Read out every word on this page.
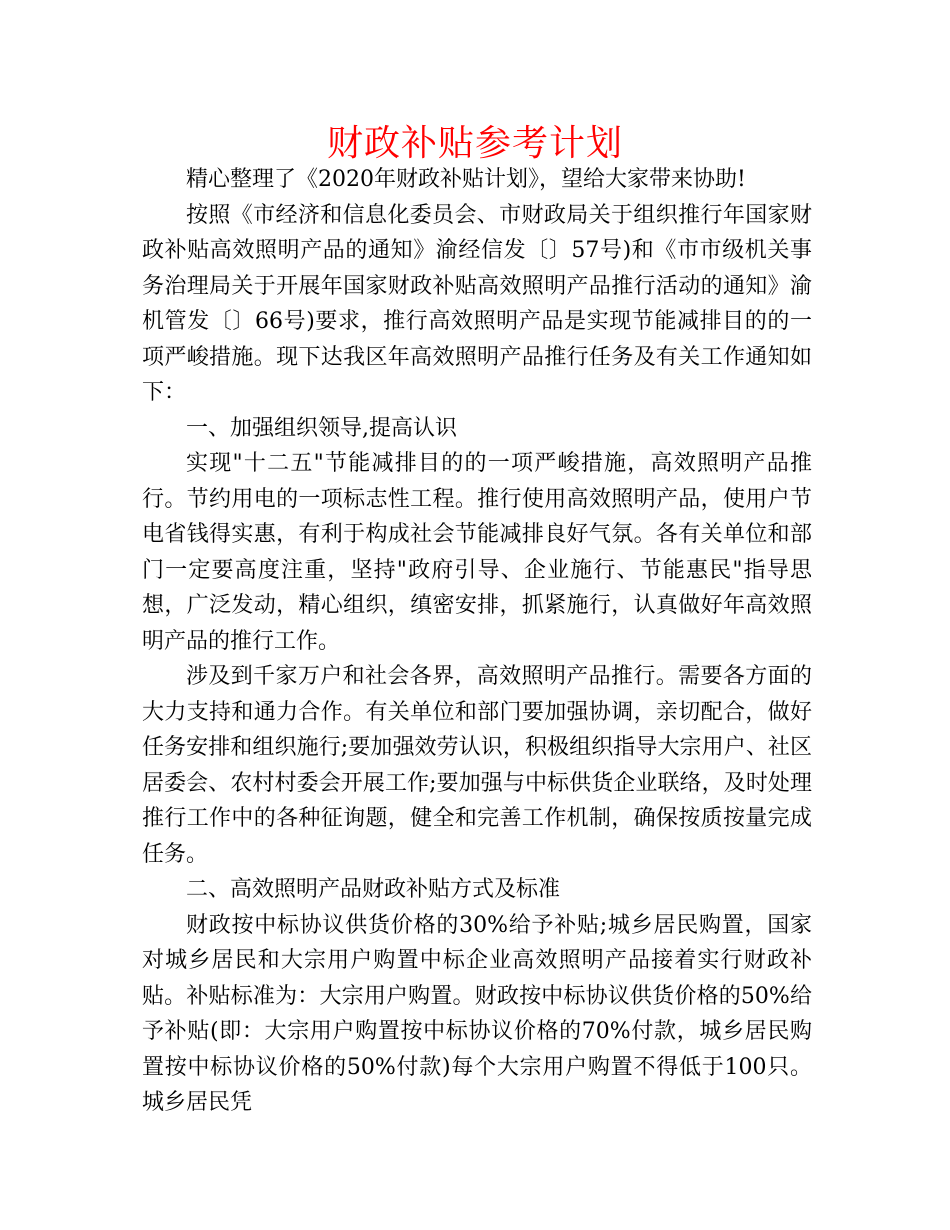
财政补贴参考计划

精心整理了《2020年财政补贴计划》，望给大家带来协助!

按照《市经济和信息化委员会、市财政局关于组织推行年国家财政补贴高效照明产品的通知》渝经信发〔〕57号)和《市市级机关事务治理局关于开展年国家财政补贴高效照明产品推行活动的通知》渝机管发〔〕66号)要求，推行高效照明产品是实现节能减排目的的一项严峻措施。现下达我区年高效照明产品推行任务及有关工作通知如下：

一、加强组织领导,提高认识

实现"十二五"节能减排目的的一项严峻措施，高效照明产品推行。节约用电的一项标志性工程。推行使用高效照明产品，使用户节电省钱得实惠，有利于构成社会节能减排良好气氛。各有关单位和部门一定要高度注重，坚持"政府引导、企业施行、节能惠民"指导思想，广泛发动，精心组织，缜密安排，抓紧施行，认真做好年高效照明产品的推行工作。

涉及到千家万户和社会各界，高效照明产品推行。需要各方面的大力支持和通力合作。有关单位和部门要加强协调，亲切配合，做好任务安排和组织施行;要加强效劳认识，积极组织指导大宗用户、社区居委会、农村村委会开展工作;要加强与中标供货企业联络，及时处理推行工作中的各种征询题，健全和完善工作机制，确保按质按量完成任务。

二、高效照明产品财政补贴方式及标准

财政按中标协议供货价格的30%给予补贴;城乡居民购置，国家对城乡居民和大宗用户购置中标企业高效照明产品接着实行财政补贴。补贴标准为：大宗用户购置。财政按中标协议供货价格的50%给予补贴(即：大宗用户购置按中标协议价格的70%付款，城乡居民购置按中标协议价格的50%付款)每个大宗用户购置不得低于100只。城乡居民凭
